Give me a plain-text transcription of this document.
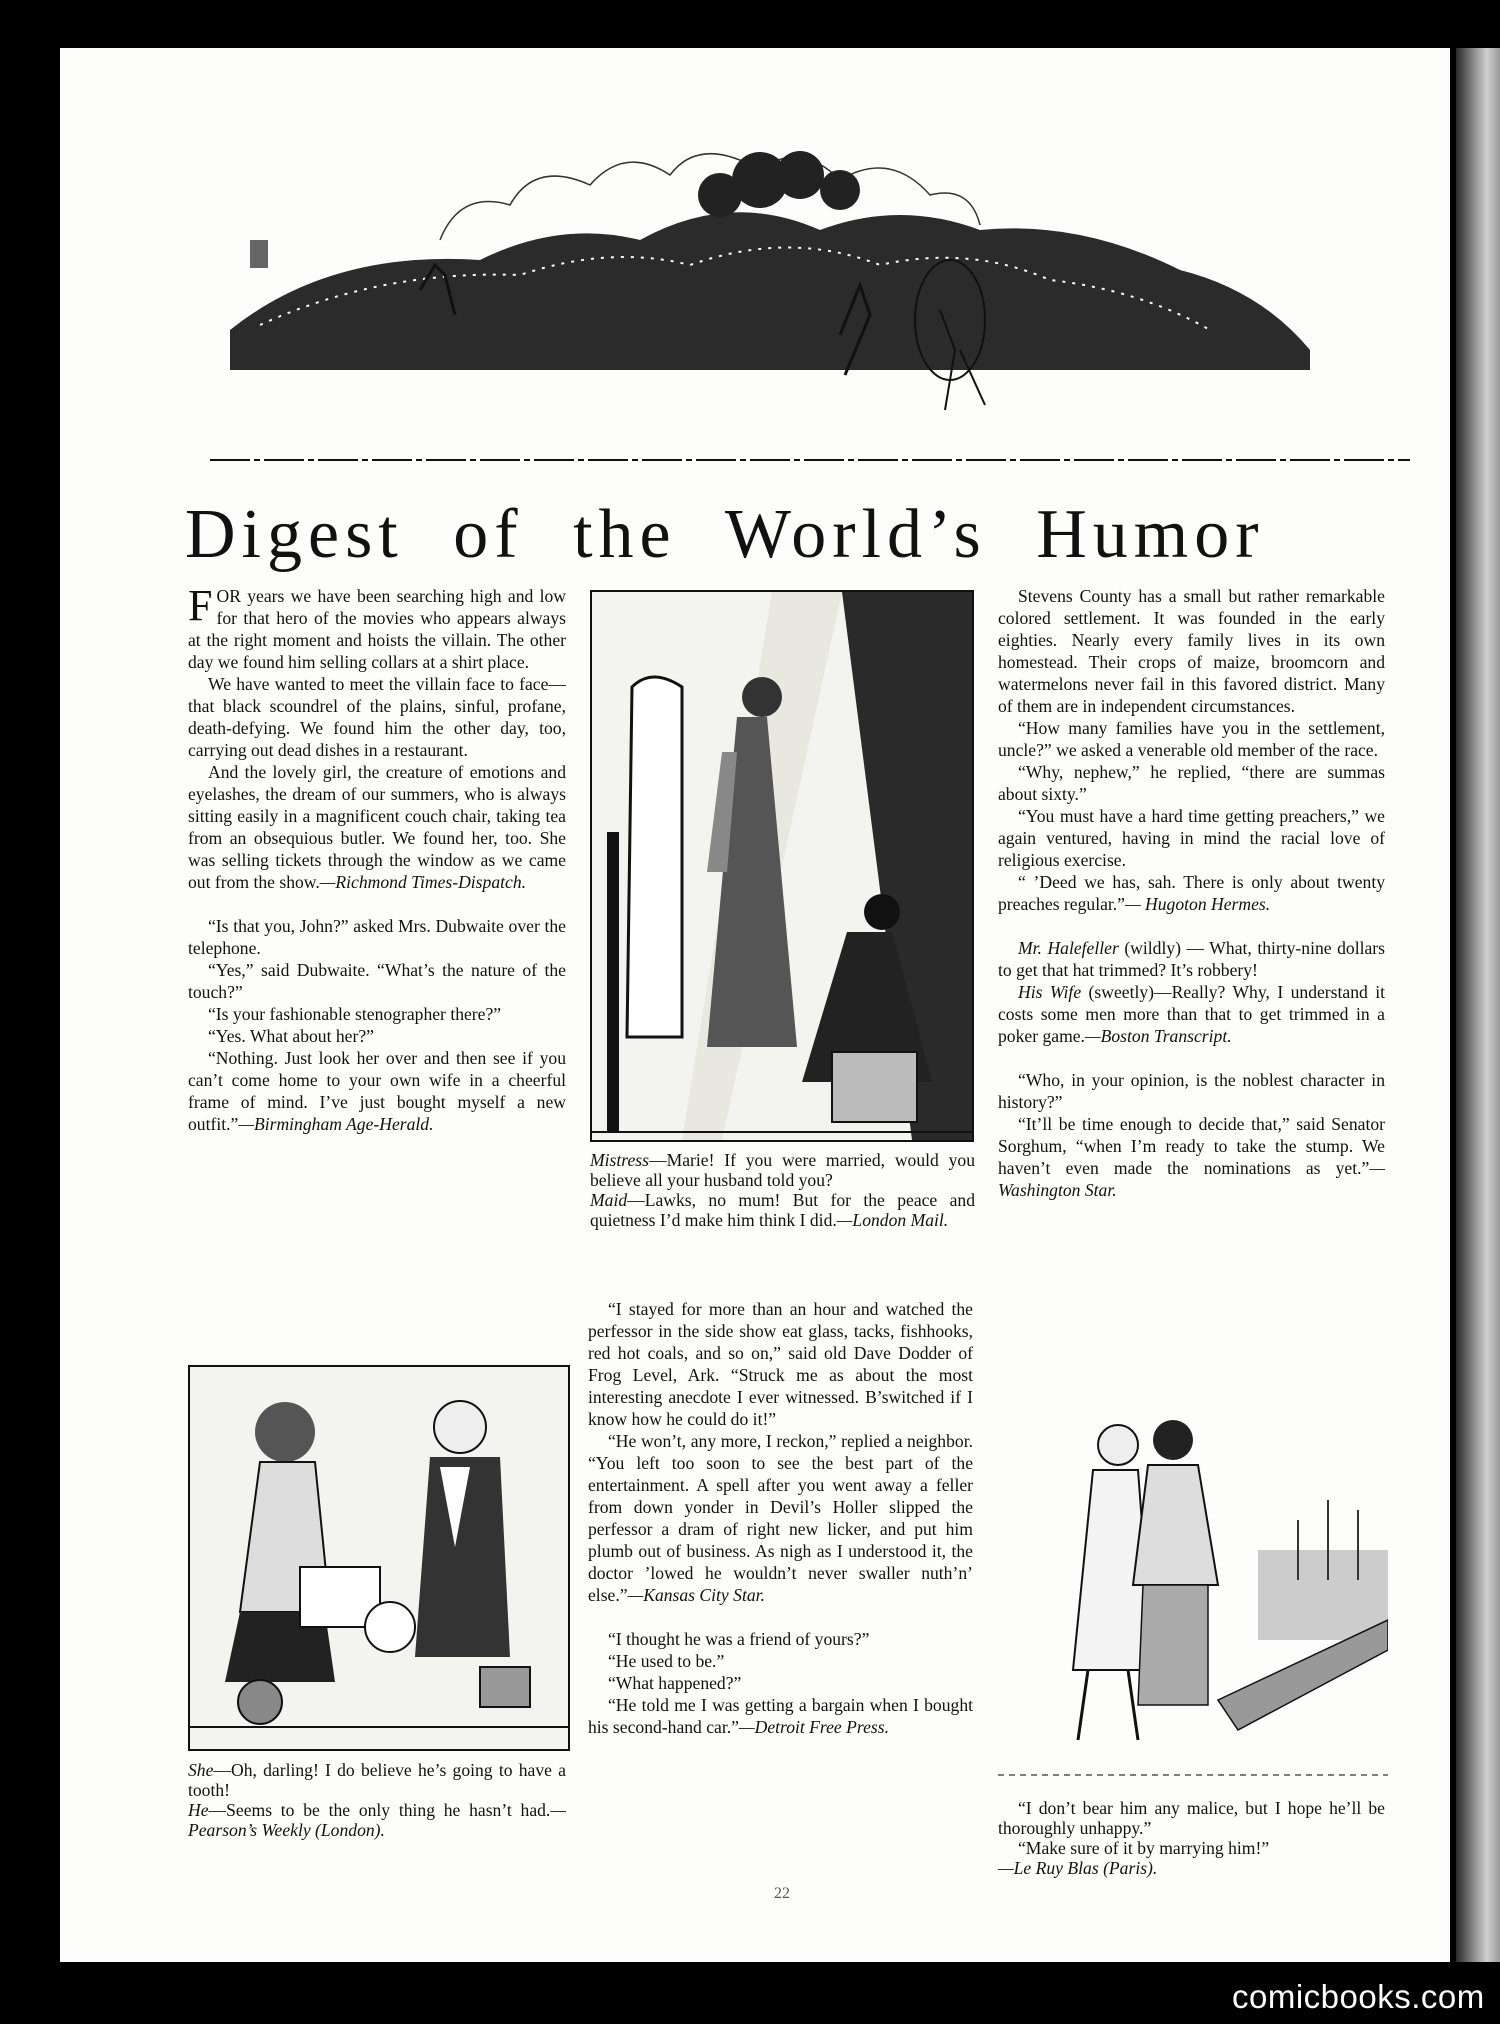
Digest of the World’s Humor

FOR years we have been searching high and low for that hero of the movies who appears always at the right moment and hoists the villain. The other day we found him selling collars at a shirt place.

We have wanted to meet the villain face to face—that black scoundrel of the plains, sinful, profane, death-defying. We found him the other day, too, carrying out dead dishes in a restaurant.

And the lovely girl, the creature of emotions and eyelashes, the dream of our summers, who is always sitting easily in a magnificent couch chair, taking tea from an obsequious butler. We found her, too. She was selling tickets through the window as we came out from the show.—Richmond Times-Dispatch.

“Is that you, John?” asked Mrs. Dubwaite over the telephone.

“Yes,” said Dubwaite. “What’s the nature of the touch?”

“Is your fashionable stenographer there?”

“Yes. What about her?”

“Nothing. Just look her over and then see if you can’t come home to your own wife in a cheerful frame of mind. I’ve just bought myself a new outfit.”—Birmingham Age-Herald.

She—Oh, darling! I do believe he’s going to have a tooth!

He—Seems to be the only thing he hasn’t had.—Pearson’s Weekly (London).

Mistress—Marie! If you were married, would you believe all your husband told you?

Maid—Lawks, no mum! But for the peace and quietness I’d make him think I did.—London Mail.

“I stayed for more than an hour and watched the perfessor in the side show eat glass, tacks, fishhooks, red hot coals, and so on,” said old Dave Dodder of Frog Level, Ark. “Struck me as about the most interesting anecdote I ever witnessed. B’switched if I know how he could do it!”

“He won’t, any more, I reckon,” replied a neighbor. “You left too soon to see the best part of the entertainment. A spell after you went away a feller from down yonder in Devil’s Holler slipped the perfessor a dram of right new licker, and put him plumb out of business. As nigh as I understood it, the doctor ’lowed he wouldn’t never swaller nuth’n’ else.”—Kansas City Star.

“I thought he was a friend of yours?”

“He used to be.”

“What happened?”

“He told me I was getting a bargain when I bought his second-hand car.”—Detroit Free Press.

Stevens County has a small but rather remarkable colored settlement. It was founded in the early eighties. Nearly every family lives in its own homestead. Their crops of maize, broomcorn and watermelons never fail in this favored district. Many of them are in independent circumstances.

“How many families have you in the settlement, uncle?” we asked a venerable old member of the race.

“Why, nephew,” he replied, “there are summas about sixty.”

“You must have a hard time getting preachers,” we again ventured, having in mind the racial love of religious exercise.

“ ’Deed we has, sah. There is only about twenty preaches regular.”— Hugoton Hermes.

Mr. Halefeller (wildly) — What, thirty-nine dollars to get that hat trimmed? It’s robbery!

His Wife (sweetly)—Really? Why, I understand it costs some men more than that to get trimmed in a poker game.—Boston Transcript.

“Who, in your opinion, is the noblest character in history?”

“It’ll be time enough to decide that,” said Senator Sorghum, “when I’m ready to take the stump. We haven’t even made the nominations as yet.”—Washington Star.

“I don’t bear him any malice, but I hope he’ll be thoroughly unhappy.”

“Make sure of it by marrying him!”

—Le Ruy Blas (Paris).

22
comicbooks.com
